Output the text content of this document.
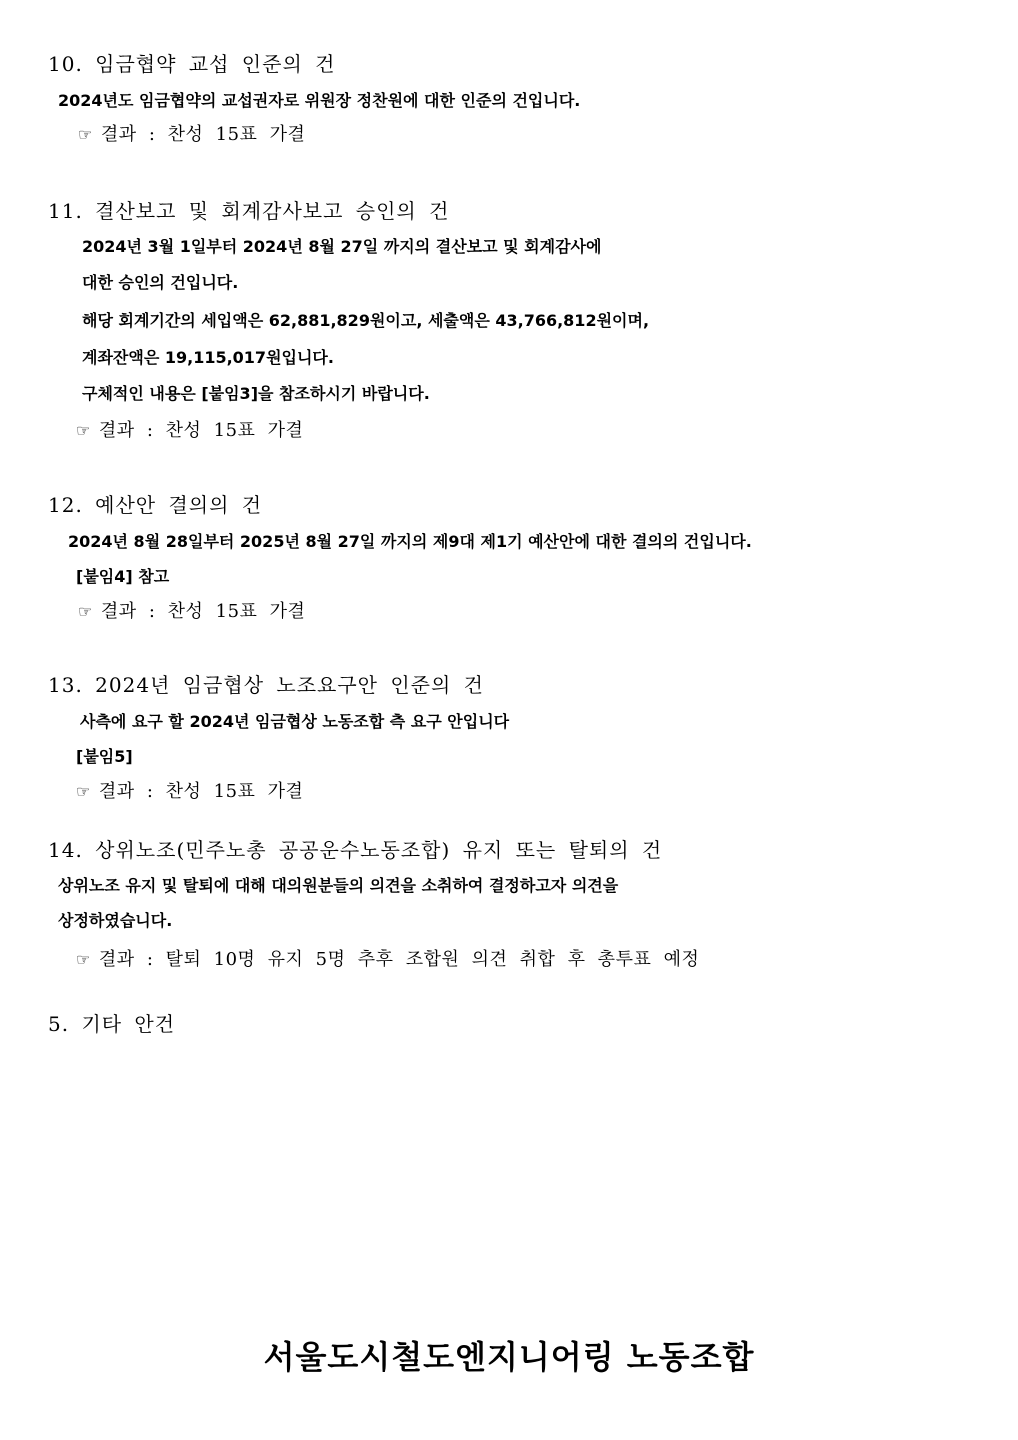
10. 임금협약 교섭 인준의 건
2024년도 임금협약의 교섭권자로 위원장 정찬원에 대한 인준의 건입니다.
☞ 결과 : 찬성 15표 가결
11. 결산보고 및 회계감사보고 승인의 건
2024년 3월 1일부터 2024년 8월 27일 까지의 결산보고 및 회계감사에
대한 승인의 건입니다.
해당 회계기간의 세입액은 62,881,829원이고, 세출액은 43,766,812원이며,
계좌잔액은 19,115,017원입니다.
구체적인 내용은 [붙임3]을 참조하시기 바랍니다.
☞ 결과 : 찬성 15표 가결
12. 예산안 결의의 건
2024년 8월 28일부터 2025년 8월 27일 까지의 제9대 제1기 예산안에 대한 결의의 건입니다.
[붙임4] 참고
☞ 결과 : 찬성 15표 가결
13. 2024년 임금협상 노조요구안 인준의 건
사측에 요구 할 2024년 임금협상 노동조합 측 요구 안입니다
[붙임5]
☞ 결과 : 찬성 15표 가결
14. 상위노조(민주노총 공공운수노동조합) 유지 또는 탈퇴의 건
상위노조 유지 및 탈퇴에 대해 대의원분들의 의견을 소취하여 결정하고자 의견을
상정하였습니다.
☞ 결과 : 탈퇴 10명 유지 5명 추후 조합원 의견 취합 후 총투표 예정
5. 기타 안건
서울도시철도엔지니어링 노동조합
